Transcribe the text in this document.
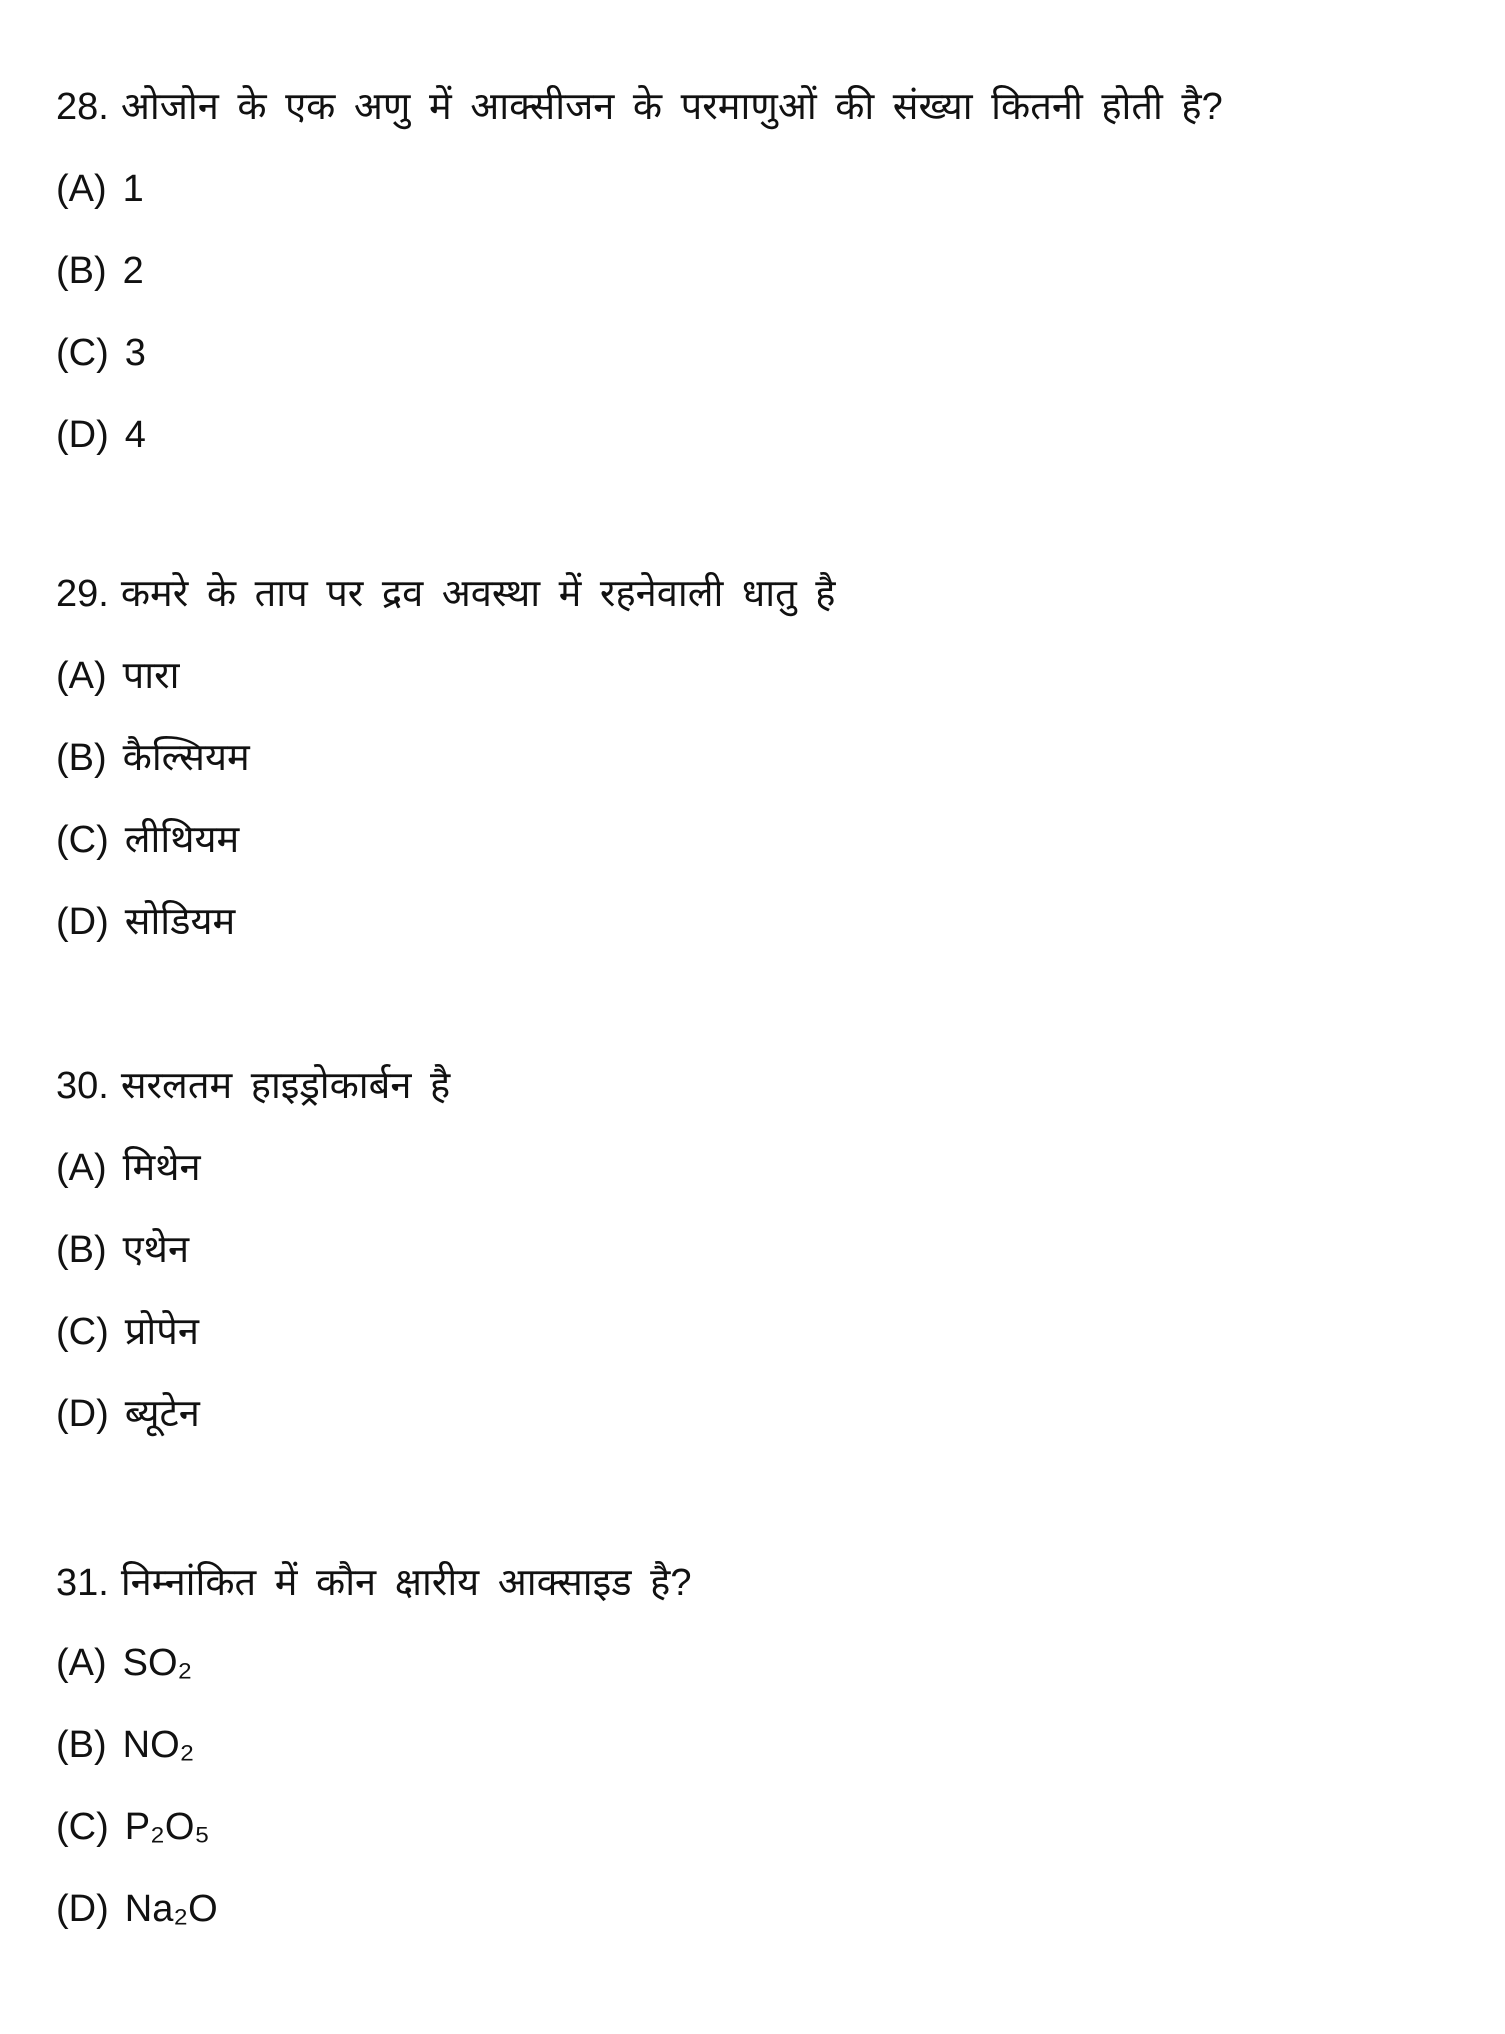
28. ओजोन के एक अणु में आक्सीजन के परमाणुओं की संख्या कितनी होती है?
(A) 1
(B) 2
(C) 3
(D) 4
29. कमरे के ताप पर द्रव अवस्था में रहनेवाली धातु है
(A) पारा
(B) कैल्सियम
(C) लीथियम
(D) सोडियम
30. सरलतम हाइड्रोकार्बन है
(A) मिथेन
(B) एथेन
(C) प्रोपेन
(D) ब्यूटेन
31. निम्नांकित में कौन क्षारीय आक्साइड है?
(A) SO₂
(B) NO₂
(C) P₂O₅
(D) Na₂O
